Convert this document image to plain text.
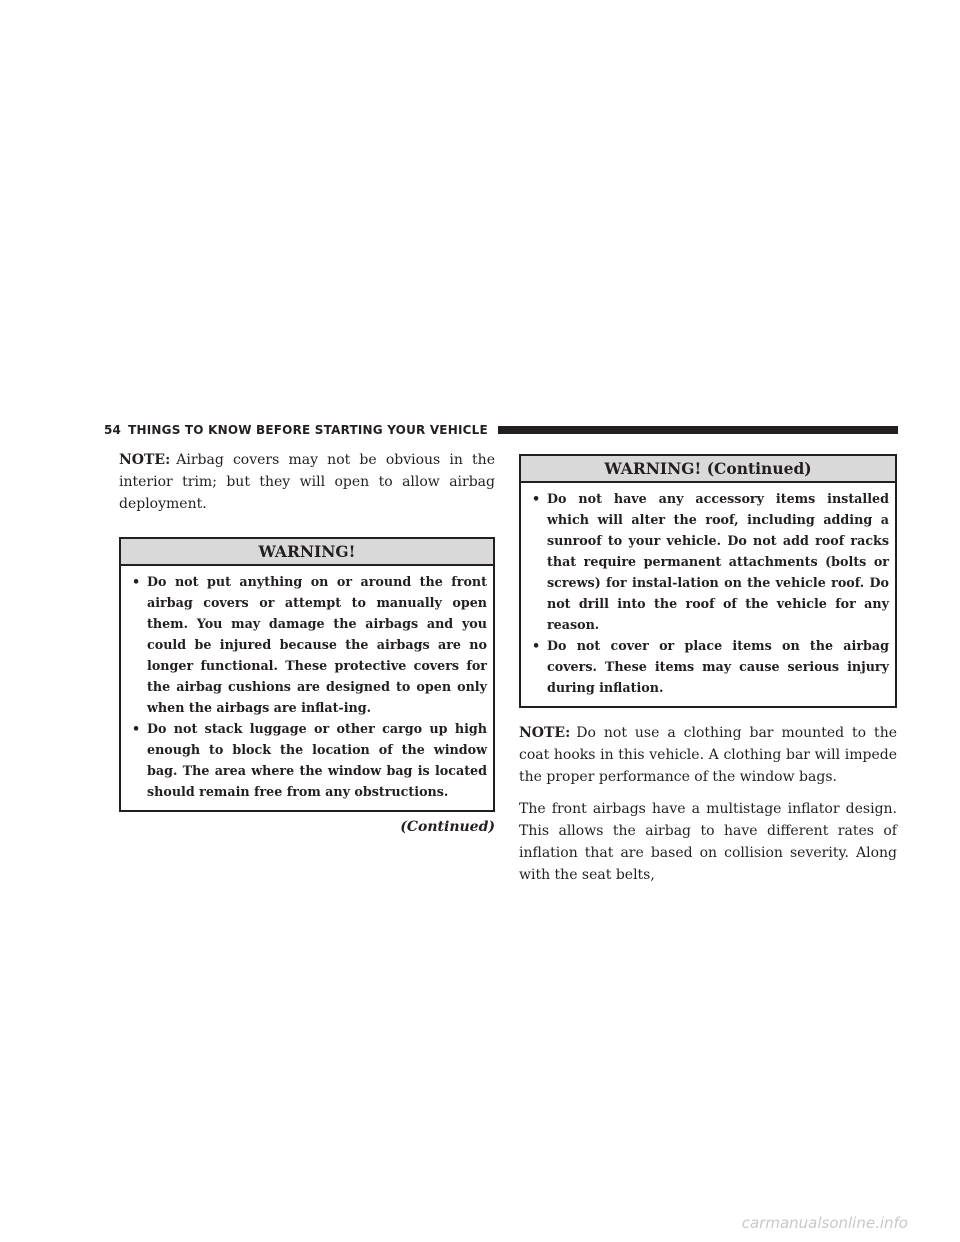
54 THINGS TO KNOW BEFORE STARTING YOUR VEHICLE

NOTE: Airbag covers may not be obvious in the interior trim; but they will open to allow airbag deployment.

WARNING!
• Do not put anything on or around the front airbag covers or attempt to manually open them. You may damage the airbags and you could be injured because the airbags are no longer functional. These protective covers for the airbag cushions are designed to open only when the airbags are inflat-ing.
• Do not stack luggage or other cargo up high enough to block the location of the window bag. The area where the window bag is located should remain free from any obstructions.
(Continued)
WARNING! (Continued)
• Do not have any accessory items installed which will alter the roof, including adding a sunroof to your vehicle. Do not add roof racks that require permanent attachments (bolts or screws) for instal-lation on the vehicle roof. Do not drill into the roof of the vehicle for any reason.
• Do not cover or place items on the airbag covers. These items may cause serious injury during inflation.

NOTE: Do not use a clothing bar mounted to the coat hooks in this vehicle. A clothing bar will impede the proper performance of the window bags.

The front airbags have a multistage inflator design. This allows the airbag to have different rates of inflation that are based on collision severity. Along with the seat belts,

carmanualsonline.info
